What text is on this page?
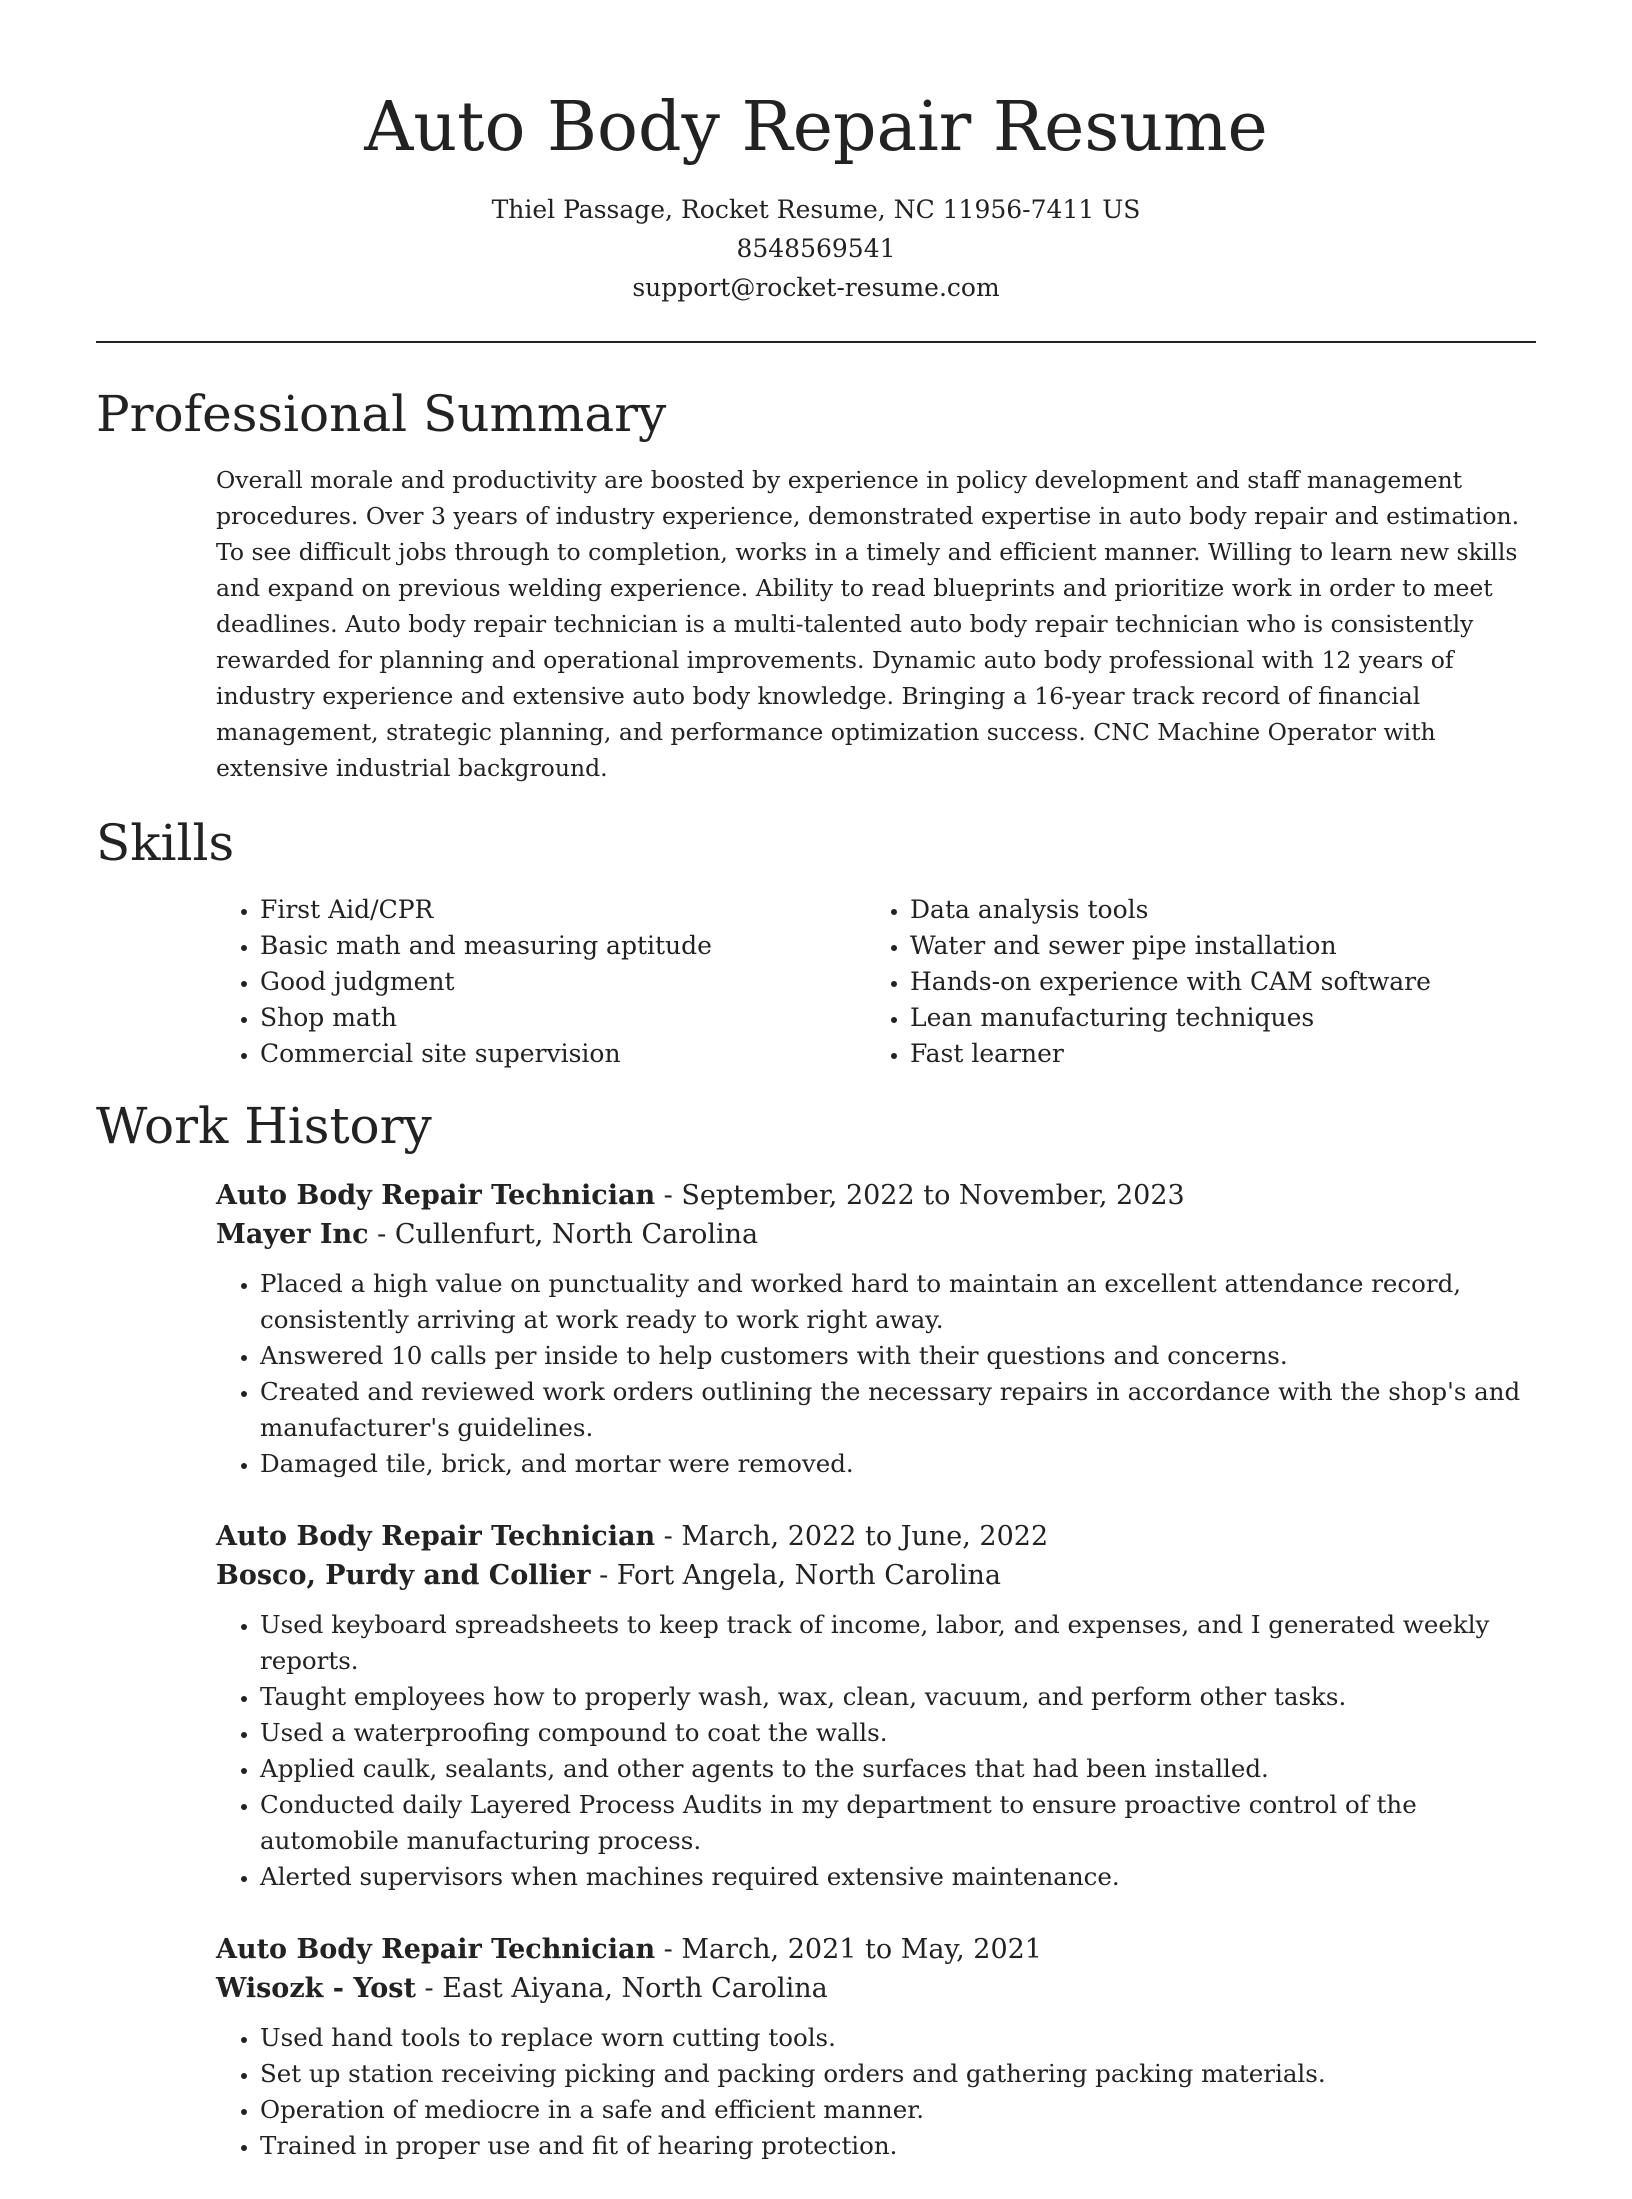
Auto Body Repair Resume
Thiel Passage, Rocket Resume, NC 11956-7411 US
8548569541
support@rocket-resume.com
Professional Summary

Overall morale and productivity are boosted by experience in policy development and staff management procedures. Over 3 years of industry experience, demonstrated expertise in auto body repair and estimation. To see difficult jobs through to completion, works in a timely and efficient manner. Willing to learn new skills and expand on previous welding experience. Ability to read blueprints and prioritize work in order to meet deadlines. Auto body repair technician is a multi-talented auto body repair technician who is consistently rewarded for planning and operational improvements. Dynamic auto body professional with 12 years of industry experience and extensive auto body knowledge. Bringing a 16-year track record of financial management, strategic planning, and performance optimization success. CNC Machine Operator with extensive industrial background.

Skills
• First Aid/CPR
• Basic math and measuring aptitude
• Good judgment
• Shop math
• Commercial site supervision
• Data analysis tools
• Water and sewer pipe installation
• Hands-on experience with CAM software
• Lean manufacturing techniques
• Fast learner
Work History
Auto Body Repair Technician - September, 2022 to November, 2023
Mayer Inc - Cullenfurt, North Carolina
• Placed a high value on punctuality and worked hard to maintain an excellent attendance record, consistently arriving at work ready to work right away.
• Answered 10 calls per inside to help customers with their questions and concerns.
• Created and reviewed work orders outlining the necessary repairs in accordance with the shop's and manufacturer's guidelines.
• Damaged tile, brick, and mortar were removed.
Auto Body Repair Technician - March, 2022 to June, 2022
Bosco, Purdy and Collier - Fort Angela, North Carolina
• Used keyboard spreadsheets to keep track of income, labor, and expenses, and I generated weekly reports.
• Taught employees how to properly wash, wax, clean, vacuum, and perform other tasks.
• Used a waterproofing compound to coat the walls.
• Applied caulk, sealants, and other agents to the surfaces that had been installed.
• Conducted daily Layered Process Audits in my department to ensure proactive control of the automobile manufacturing process.
• Alerted supervisors when machines required extensive maintenance.
Auto Body Repair Technician - March, 2021 to May, 2021
Wisozk - Yost - East Aiyana, North Carolina
• Used hand tools to replace worn cutting tools.
• Set up station receiving picking and packing orders and gathering packing materials.
• Operation of mediocre in a safe and efficient manner.
• Trained in proper use and fit of hearing protection.
